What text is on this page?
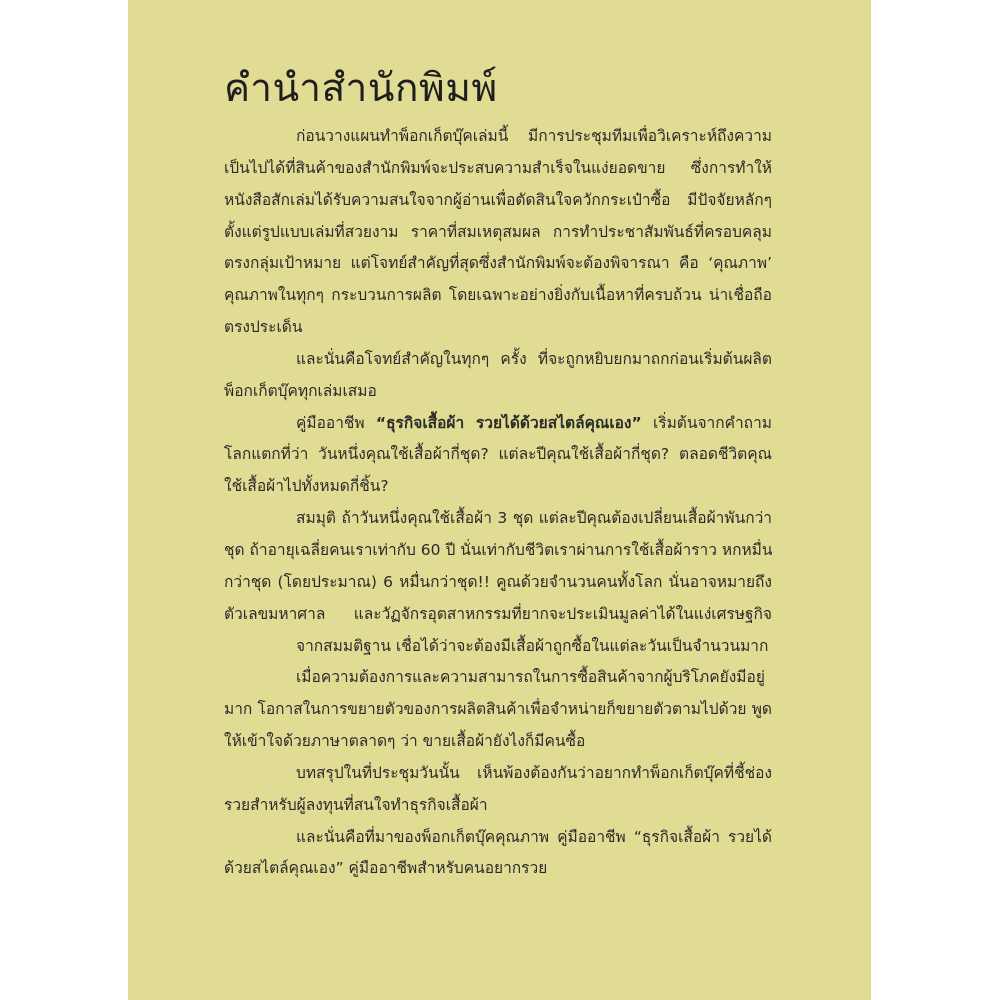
คำนำสำนักพิมพ์
ก่อนวางแผนทำพ็อกเก็ตบุ๊คเล่มนี้ มีการประชุมทีมเพื่อวิเคราะห์ถึงความ
เป็นไปได้ที่สินค้าของสำนักพิมพ์จะประสบความสำเร็จในแง่ยอดขาย ซึ่งการทำให้
หนังสือสักเล่มได้รับความสนใจจากผู้อ่านเพื่อตัดสินใจควักกระเป๋าซื้อ มีปัจจัยหลักๆ
ตั้งแต่รูปแบบเล่มที่สวยงาม ราคาที่สมเหตุสมผล การทำประชาสัมพันธ์ที่ครอบคลุม
ตรงกลุ่มเป้าหมาย แต่โจทย์สำคัญที่สุดซึ่งสำนักพิมพ์จะต้องพิจารณา คือ ‘คุณภาพ’
คุณภาพในทุกๆ กระบวนการผลิต โดยเฉพาะอย่างยิ่งกับเนื้อหาที่ครบถ้วน น่าเชื่อถือ
ตรงประเด็น
และนั่นคือโจทย์สำคัญในทุกๆ ครั้ง ที่จะถูกหยิบยกมาถกก่อนเริ่มต้นผลิต
พ็อกเก็ตบุ๊คทุกเล่มเสมอ
คู่มืออาชีพ “ธุรกิจเสื้อผ้า รวยได้ด้วยสไตล์คุณเอง” เริ่มต้นจากคำถาม
โลกแตกที่ว่า วันหนึ่งคุณใช้เสื้อผ้ากี่ชุด? แต่ละปีคุณใช้เสื้อผ้ากี่ชุด? ตลอดชีวิตคุณ
ใช้เสื้อผ้าไปทั้งหมดกี่ชิ้น?
สมมุติ ถ้าวันหนึ่งคุณใช้เสื้อผ้า 3 ชุด แต่ละปีคุณต้องเปลี่ยนเสื้อผ้าพันกว่า
ชุด ถ้าอายุเฉลี่ยคนเราเท่ากับ 60 ปี นั่นเท่ากับชีวิตเราผ่านการใช้เสื้อผ้าราว หกหมื่น
กว่าชุด (โดยประมาณ) 6 หมื่นกว่าชุด!! คูณด้วยจำนวนคนทั้งโลก นั่นอาจหมายถึง
ตัวเลขมหาศาล และวัฏจักรอุตสาหกรรมที่ยากจะประเมินมูลค่าได้ในแง่เศรษฐกิจ
จากสมมติฐาน เชื่อได้ว่าจะต้องมีเสื้อผ้าถูกซื้อในแต่ละวันเป็นจำนวนมาก
เมื่อความต้องการและความสามารถในการซื้อสินค้าจากผู้บริโภคยังมีอยู่
มาก โอกาสในการขยายตัวของการผลิตสินค้าเพื่อจำหน่ายก็ขยายตัวตามไปด้วย พูด
ให้เข้าใจด้วยภาษาตลาดๆ ว่า ขายเสื้อผ้ายังไงก็มีคนซื้อ
บทสรุปในที่ประชุมวันนั้น เห็นพ้องต้องกันว่าอยากทำพ็อกเก็ตบุ๊คที่ชี้ช่อง
รวยสำหรับผู้ลงทุนที่สนใจทำธุรกิจเสื้อผ้า
และนั่นคือที่มาของพ็อกเก็ตบุ๊คคุณภาพ คู่มืออาชีพ “ธุรกิจเสื้อผ้า รวยได้
ด้วยสไตล์คุณเอง” คู่มืออาชีพสำหรับคนอยากรวย
